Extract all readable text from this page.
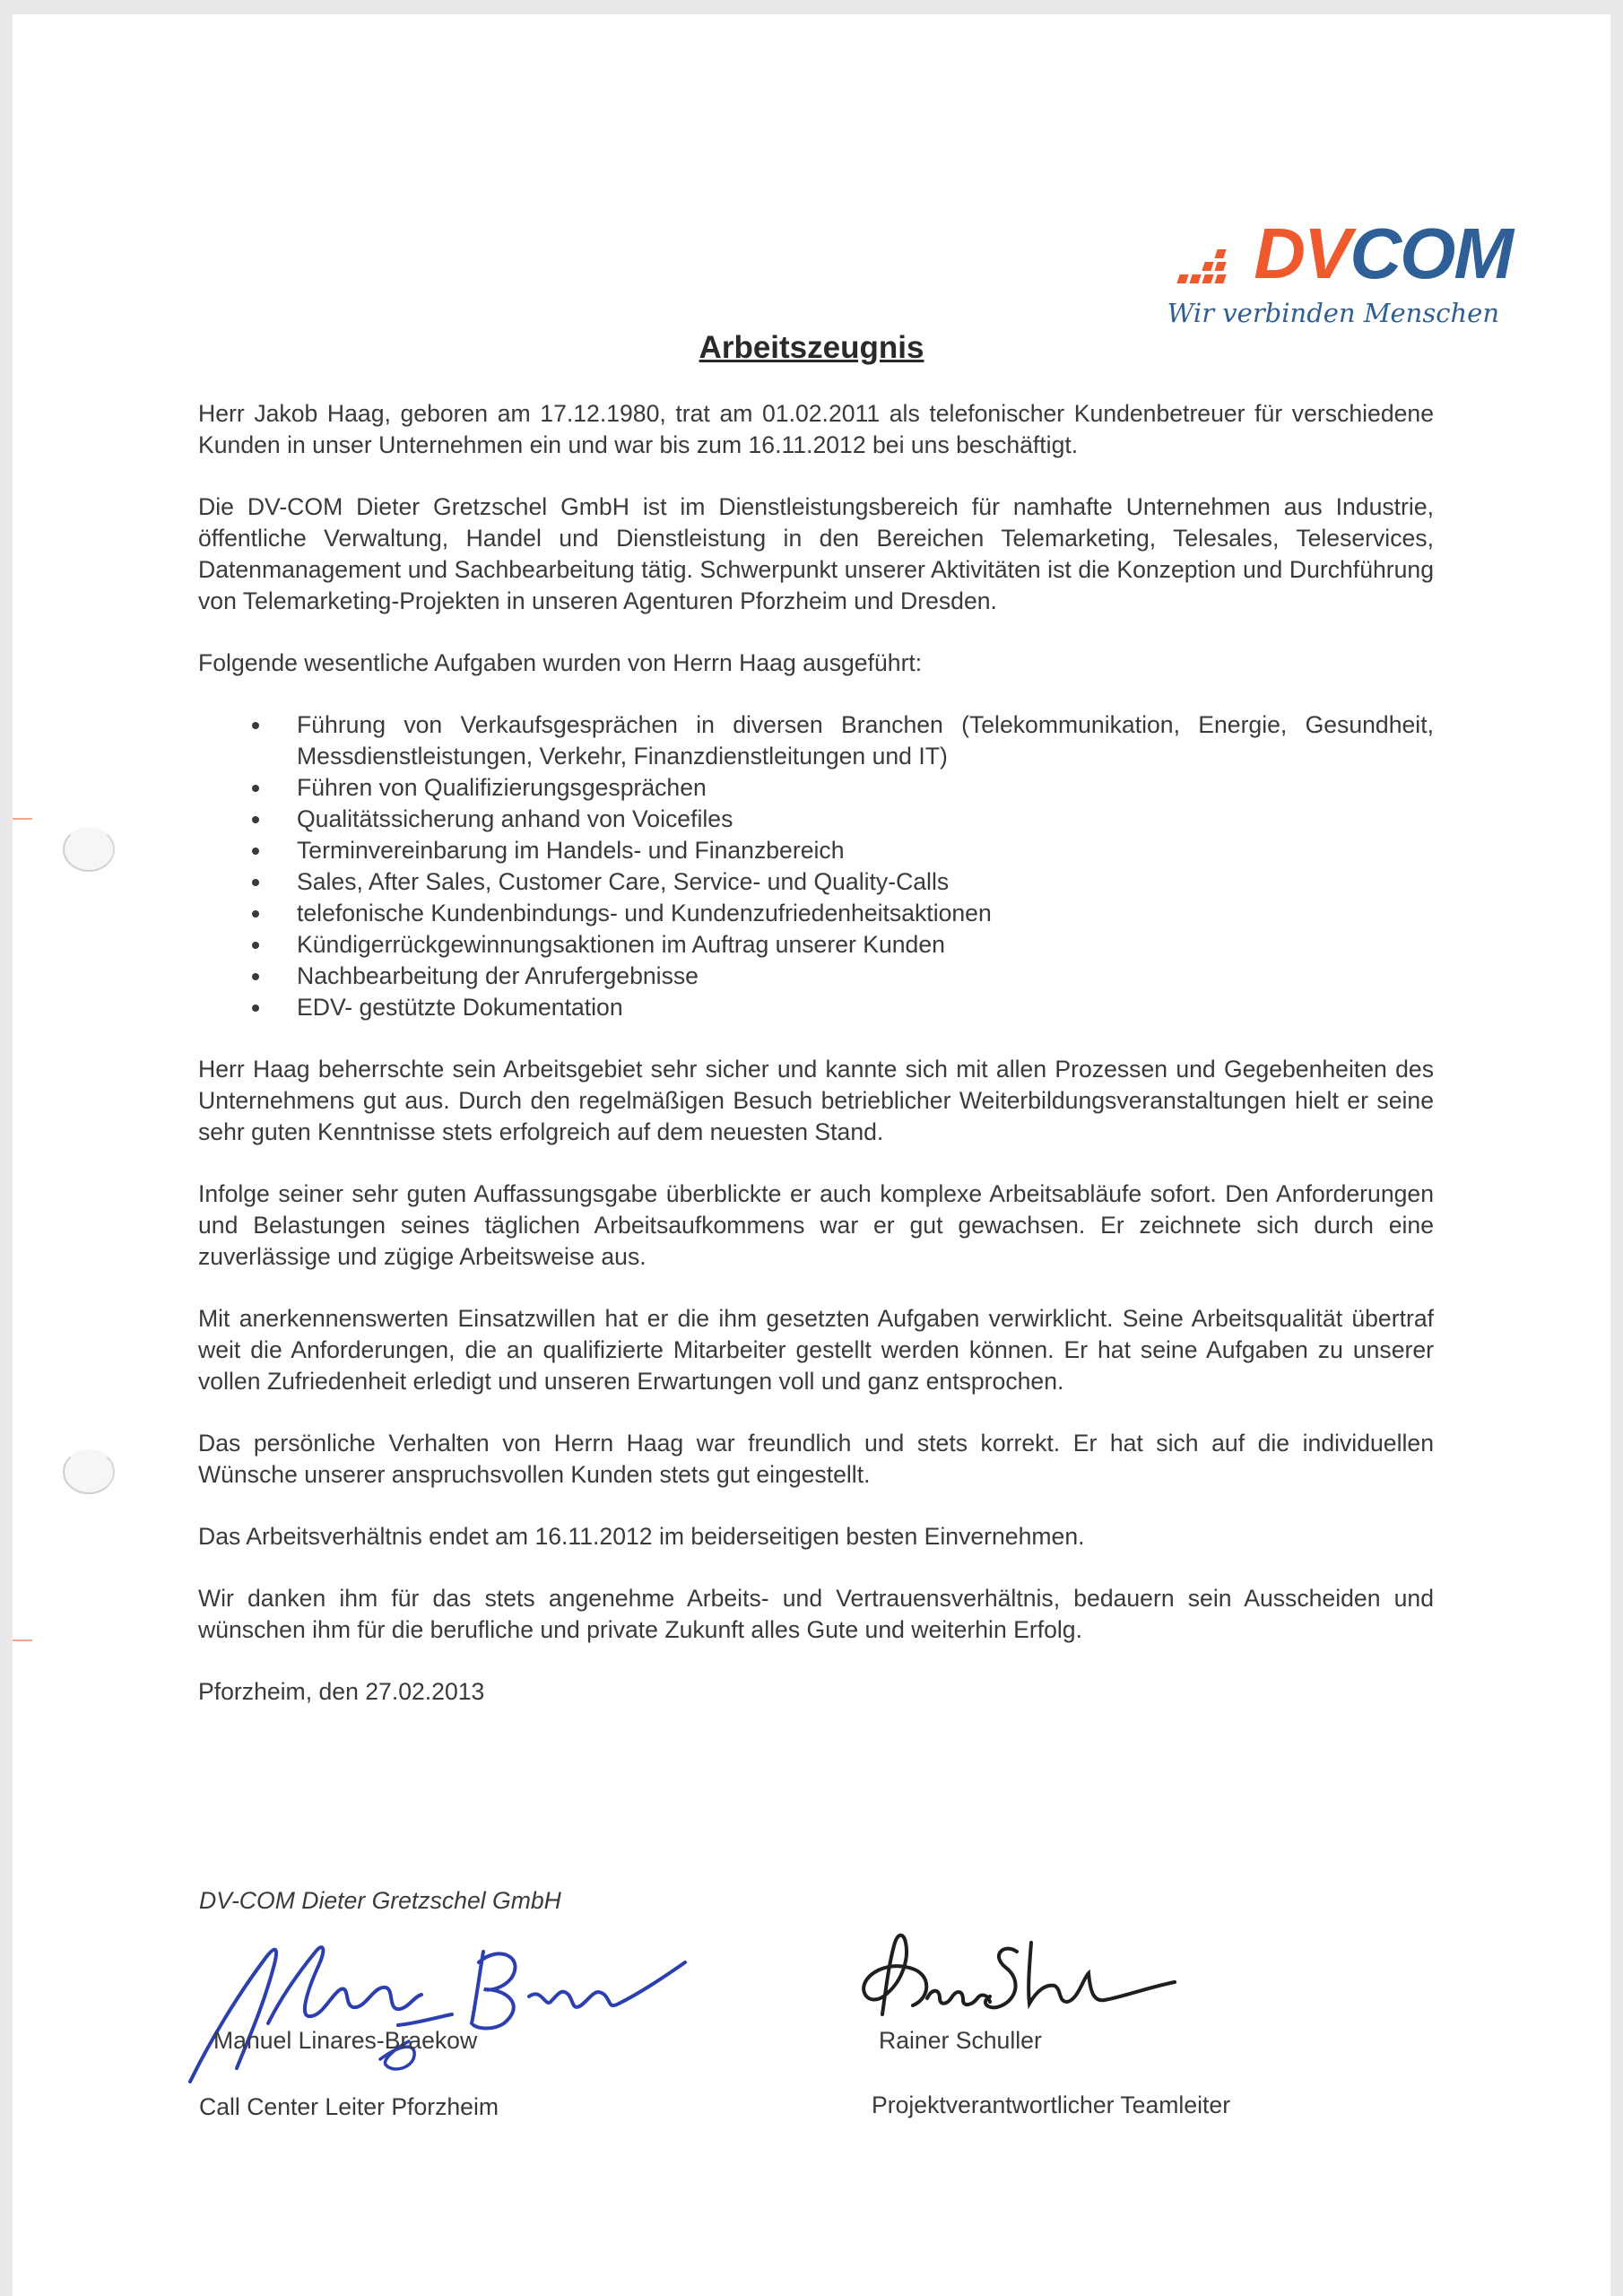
DVCOM
Wir verbinden Menschen
Arbeitszeugnis

Herr Jakob Haag, geboren am 17.12.1980, trat am 01.02.2011 als telefonischer Kundenbetreuer für verschiedene Kunden in unser Unternehmen ein und war bis zum 16.11.2012 bei uns beschäftigt.

Die DV-COM Dieter Gretzschel GmbH ist im Dienstleistungsbereich für namhafte Unternehmen aus Industrie, öffentliche Verwaltung, Handel und Dienstleistung in den Bereichen Telemarketing, Telesales, Teleservices, Datenmanagement und Sachbearbeitung tätig. Schwerpunkt unserer Aktivitäten ist die Konzeption und Durchführung von Telemarketing-Projekten in unseren Agenturen Pforzheim und Dresden.

Folgende wesentliche Aufgaben wurden von Herrn Haag ausgeführt:

Führung von Verkaufsgesprächen in diversen Branchen (Telekommunikation, Energie, Gesundheit, Messdienstleistungen, Verkehr, Finanzdienstleitungen und IT)
Führen von Qualifizierungsgesprächen
Qualitätssicherung anhand von Voicefiles
Terminvereinbarung im Handels- und Finanzbereich
Sales, After Sales, Customer Care, Service- und Quality-Calls
telefonische Kundenbindungs- und Kundenzufriedenheitsaktionen
Kündigerrückgewinnungsaktionen im Auftrag unserer Kunden
Nachbearbeitung der Anrufergebnisse
EDV- gestützte Dokumentation

Herr Haag beherrschte sein Arbeitsgebiet sehr sicher und kannte sich mit allen Prozessen und Gegebenheiten des Unternehmens gut aus. Durch den regelmäßigen Besuch betrieblicher Weiterbildungsveranstaltungen hielt er seine sehr guten Kenntnisse stets erfolgreich auf dem neuesten Stand.

Infolge seiner sehr guten Auffassungsgabe überblickte er auch komplexe Arbeitsabläufe sofort. Den Anforderungen und Belastungen seines täglichen Arbeitsaufkommens war er gut gewachsen. Er zeichnete sich durch eine zuverlässige und zügige Arbeitsweise aus.

Mit anerkennenswerten Einsatzwillen hat er die ihm gesetzten Aufgaben verwirklicht. Seine Arbeitsqualität übertraf weit die Anforderungen, die an qualifizierte Mitarbeiter gestellt werden können. Er hat seine Aufgaben zu unserer vollen Zufriedenheit erledigt und unseren Erwartungen voll und ganz entsprochen.

Das persönliche Verhalten von Herrn Haag war freundlich und stets korrekt. Er hat sich auf die individuellen Wünsche unserer anspruchsvollen Kunden stets gut eingestellt.

Das Arbeitsverhältnis endet am 16.11.2012 im beiderseitigen besten Einvernehmen.

Wir danken ihm für das stets angenehme Arbeits- und Vertrauensverhältnis, bedauern sein Ausscheiden und wünschen ihm für die berufliche und private Zukunft alles Gute und weiterhin Erfolg.

Pforzheim, den 27.02.2013

DV-COM Dieter Gretzschel GmbH
Manuel Linares-Braekow
Call Center Leiter Pforzheim
Rainer Schuller
Projektverantwortlicher Teamleiter
